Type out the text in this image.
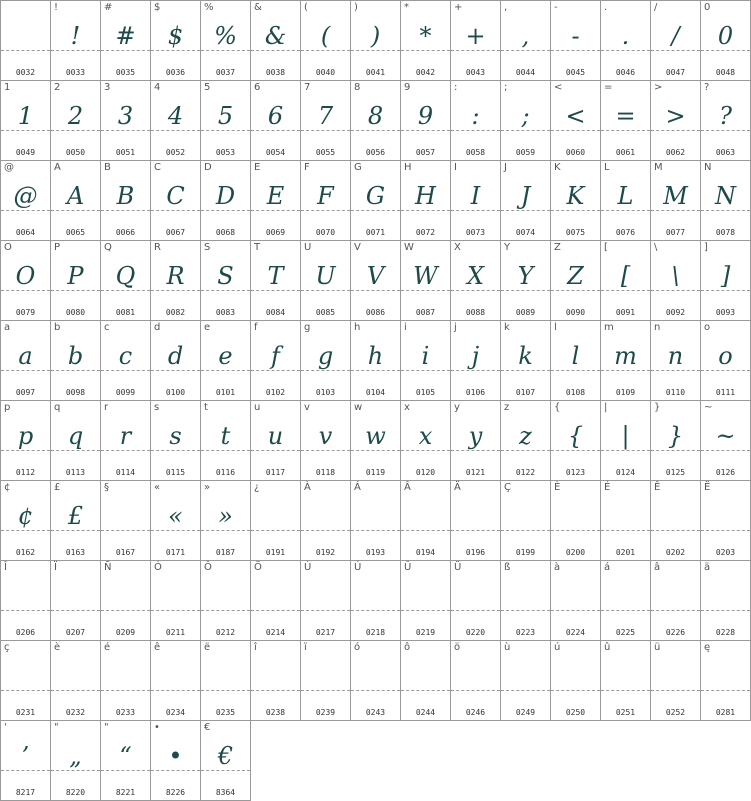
0032
!
!
0033
#
#
0035
$
$
0036
%
%
0037
&
&
0038
(
(
0040
)
)
0041
*
*
0042
+
+
0043
,
,
0044
-
-
0045
.
.
0046
/
/
0047
0
0
0048
1
1
0049
2
2
0050
3
3
0051
4
4
0052
5
5
0053
6
6
0054
7
7
0055
8
8
0056
9
9
0057
:
:
0058
;
;
0059
<
<
0060
=
=
0061
>
>
0062
?
?
0063
@
@
0064
A
A
0065
B
B
0066
C
C
0067
D
D
0068
E
E
0069
F
F
0070
G
G
0071
H
H
0072
I
I
0073
J
J
0074
K
K
0075
L
L
0076
M
M
0077
N
N
0078
O
O
0079
P
P
0080
Q
Q
0081
R
R
0082
S
S
0083
T
T
0084
U
U
0085
V
V
0086
W
W
0087
X
X
0088
Y
Y
0089
Z
Z
0090
[
[
0091
\
\
0092
]
]
0093
a
a
0097
b
b
0098
c
c
0099
d
d
0100
e
e
0101
f
f
0102
g
g
0103
h
h
0104
i
i
0105
j
j
0106
k
k
0107
l
l
0108
m
m
0109
n
n
0110
o
o
0111
p
p
0112
q
q
0113
r
r
0114
s
s
0115
t
t
0116
u
u
0117
v
v
0118
w
w
0119
x
x
0120
y
y
0121
z
z
0122
{
{
0123
|
|
0124
}
}
0125
~
~
0126
¢
¢
0162
£
£
0163
§
0167
«
«
0171
»
»
0187
¿
0191
À
0192
Á
0193
Â
0194
Ä
0196
Ç
0199
È
0200
É
0201
Ê
0202
Ë
0203
Î
0206
Ï
0207
Ñ
0209
Ó
0211
Ô
0212
Ö
0214
Ù
0217
Ú
0218
Û
0219
Ü
0220
ß
0223
à
0224
á
0225
â
0226
ä
0228
ç
0231
è
0232
é
0233
ê
0234
ë
0235
î
0238
ï
0239
ó
0243
ô
0244
ö
0246
ù
0249
ú
0250
û
0251
ü
0252
ę
0281
'
’
8217
"
„
8220
"
“
8221
•
•
8226
€
€
8364
